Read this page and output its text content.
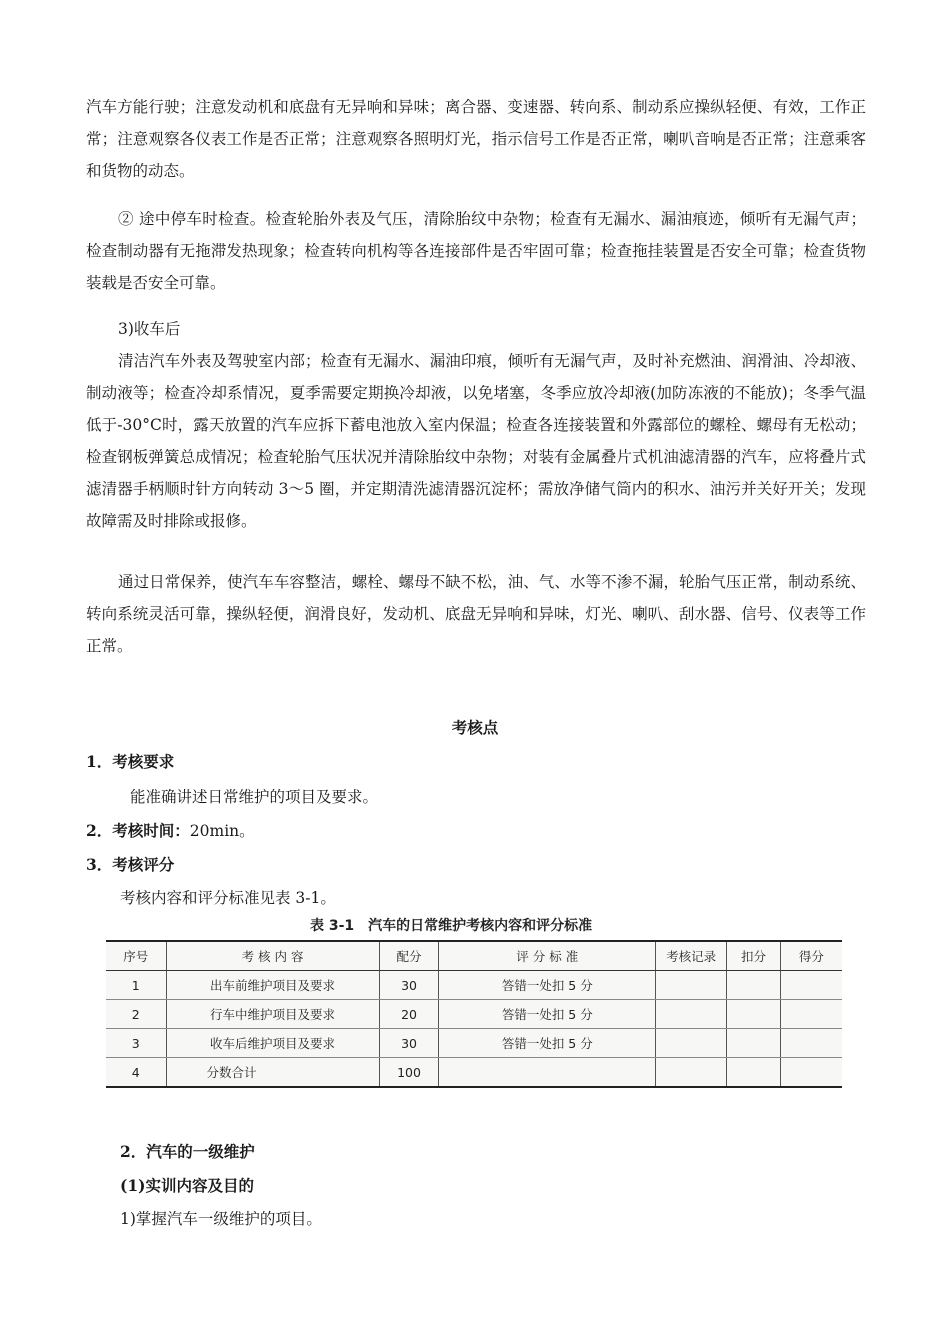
汽车方能行驶；注意发动机和底盘有无异响和异味；离合器、变速器、转向系、制动系应操纵轻便、有效，工作正常；注意观察各仪表工作是否正常；注意观察各照明灯光，指示信号工作是否正常，喇叭音响是否正常；注意乘客和货物的动态。

② 途中停车时检查。检查轮胎外表及气压，清除胎纹中杂物；检查有无漏水、漏油痕迹，倾听有无漏气声；检查制动器有无拖滞发热现象；检查转向机构等各连接部件是否牢固可靠；检查拖挂装置是否安全可靠；检查货物装载是否安全可靠。

3)收车后

清洁汽车外表及驾驶室内部；检查有无漏水、漏油印痕，倾听有无漏气声，及时补充燃油、润滑油、冷却液、制动液等；检查冷却系情况，夏季需要定期换冷却液，以免堵塞，冬季应放冷却液(加防冻液的不能放)；冬季气温低于-30°C时，露天放置的汽车应拆下蓄电池放入室内保温；检查各连接装置和外露部位的螺栓、螺母有无松动；检查钢板弹簧总成情况；检查轮胎气压状况并清除胎纹中杂物；对装有金属叠片式机油滤清器的汽车，应将叠片式滤清器手柄顺时针方向转动 3～5 圈，并定期清洗滤清器沉淀杯；需放净储气筒内的积水、油污并关好开关；发现故障需及时排除或报修。

通过日常保养，使汽车车容整洁，螺栓、螺母不缺不松，油、气、水等不渗不漏，轮胎气压正常，制动系统、转向系统灵活可靠，操纵轻便，润滑良好，发动机、底盘无异响和异味，灯光、喇叭、刮水器、信号、仪表等工作正常。

考核点
1．考核要求
能准确讲述日常维护的项目及要求。
2．考核时间：20min。
3．考核评分
考核内容和评分标准见表 3-1。
表 3-1　汽车的日常维护考核内容和评分标准
序号	考 核 内 容	配分	评 分 标 准	考核记录	扣分	得分
1	出车前维护项目及要求	30	答错一处扣 5 分			
2	行车中维护项目及要求	20	答错一处扣 5 分			
3	收车后维护项目及要求	30	答错一处扣 5 分			
4	分数合计	100				
2．汽车的一级维护
(1)实训内容及目的
1)掌握汽车一级维护的项目。
